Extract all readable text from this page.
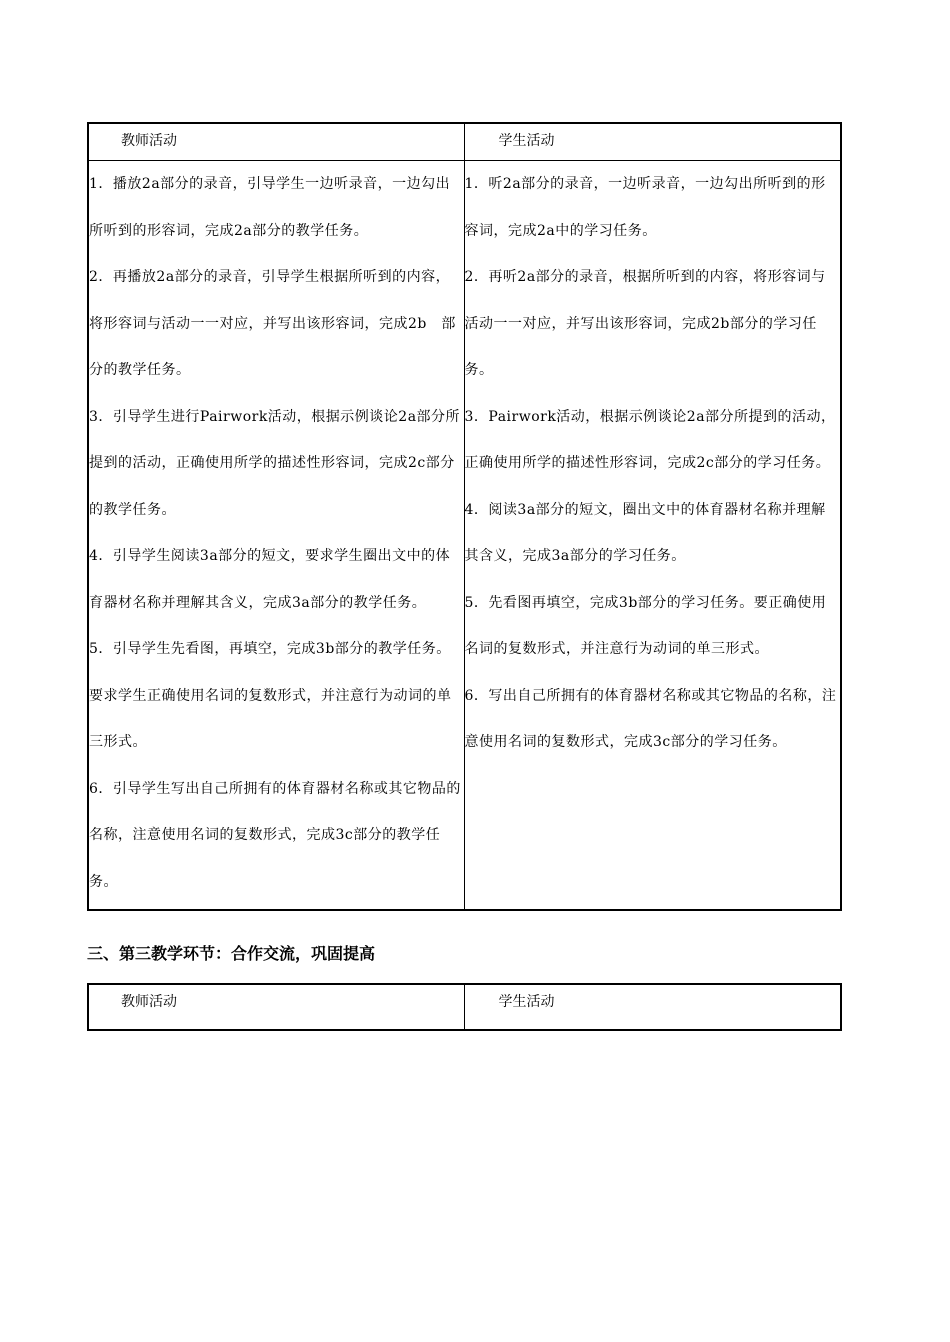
教师活动	学生活动

1．播放2a部分的录音，引导学生一边听录音，一边勾出所听到的形容词，完成2a部分的教学任务。

2．再播放2a部分的录音，引导学生根据所听到的内容，将形容词与活动一一对应，并写出该形容词，完成2b　部分的教学任务。

3．引导学生进行Pairwork活动，根据示例谈论2a部分所提到的活动，正确使用所学的描述性形容词，完成2c部分的教学任务。

4．引导学生阅读3a部分的短文，要求学生圈出文中的体育器材名称并理解其含义，完成3a部分的教学任务。

5．引导学生先看图，再填空，完成3b部分的教学任务。要求学生正确使用名词的复数形式，并注意行为动词的单三形式。

6．引导学生写出自己所拥有的体育器材名称或其它物品的名称，注意使用名词的复数形式，完成3c部分的教学任务。

1．听2a部分的录音，一边听录音，一边勾出所听到的形容词，完成2a中的学习任务。

2．再听2a部分的录音，根据所听到的内容，将形容词与活动一一对应，并写出该形容词，完成2b部分的学习任务。

3．Pairwork活动，根据示例谈论2a部分所提到的活动，正确使用所学的描述性形容词，完成2c部分的学习任务。

4．阅读3a部分的短文，圈出文中的体育器材名称并理解其含义，完成3a部分的学习任务。

5．先看图再填空，完成3b部分的学习任务。要正确使用名词的复数形式，并注意行为动词的单三形式。

6．写出自己所拥有的体育器材名称或其它物品的名称，注意使用名词的复数形式，完成3c部分的学习任务。

三、第三教学环节：合作交流，巩固提高
教师活动	学生活动
